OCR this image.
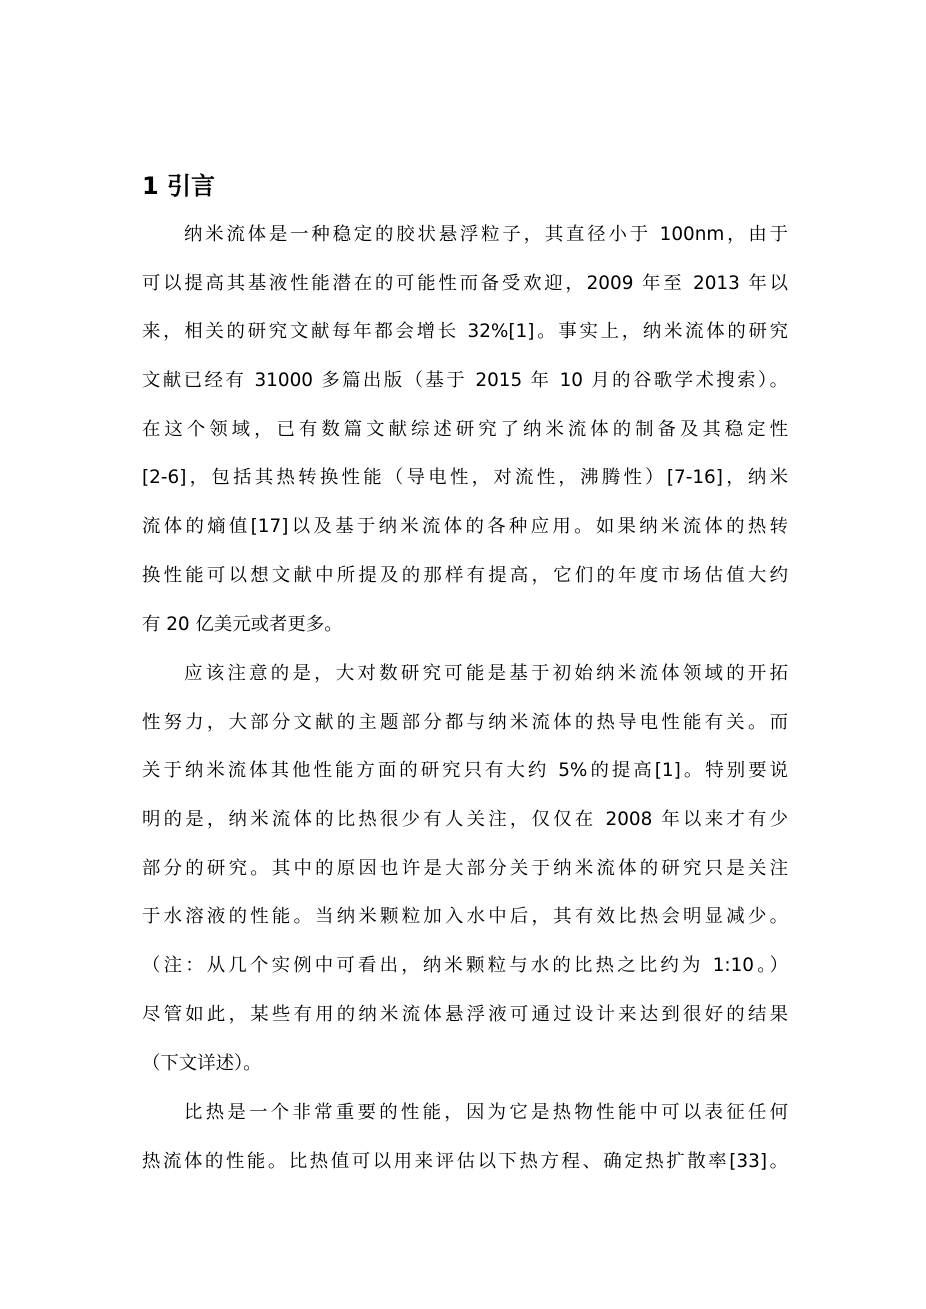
1 引言
纳米流体是一种稳定的胶状悬浮粒子，其直径小于 100nm，由于
可以提高其基液性能潜在的可能性而备受欢迎，2009 年至 2013 年以
来，相关的研究文献每年都会增长 32%[1]。事实上，纳米流体的研究
文献已经有 31000 多篇出版（基于 2015 年 10 月的谷歌学术搜索）。
在这个领域，已有数篇文献综述研究了纳米流体的制备及其稳定性
[2-6]，包括其热转换性能（导电性，对流性，沸腾性）[7-16]，纳米
流体的熵值[17]以及基于纳米流体的各种应用。如果纳米流体的热转
换性能可以想文献中所提及的那样有提高，它们的年度市场估值大约
有 20 亿美元或者更多。
应该注意的是，大对数研究可能是基于初始纳米流体领域的开拓
性努力，大部分文献的主题部分都与纳米流体的热导电性能有关。而
关于纳米流体其他性能方面的研究只有大约 5%的提高[1]。特别要说
明的是，纳米流体的比热很少有人关注，仅仅在 2008 年以来才有少
部分的研究。其中的原因也许是大部分关于纳米流体的研究只是关注
于水溶液的性能。当纳米颗粒加入水中后，其有效比热会明显减少。
（注：从几个实例中可看出，纳米颗粒与水的比热之比约为 1:10。）
尽管如此，某些有用的纳米流体悬浮液可通过设计来达到很好的结果
（下文详述）。
比热是一个非常重要的性能，因为它是热物性能中可以表征任何
热流体的性能。比热值可以用来评估以下热方程、确定热扩散率[33]。
